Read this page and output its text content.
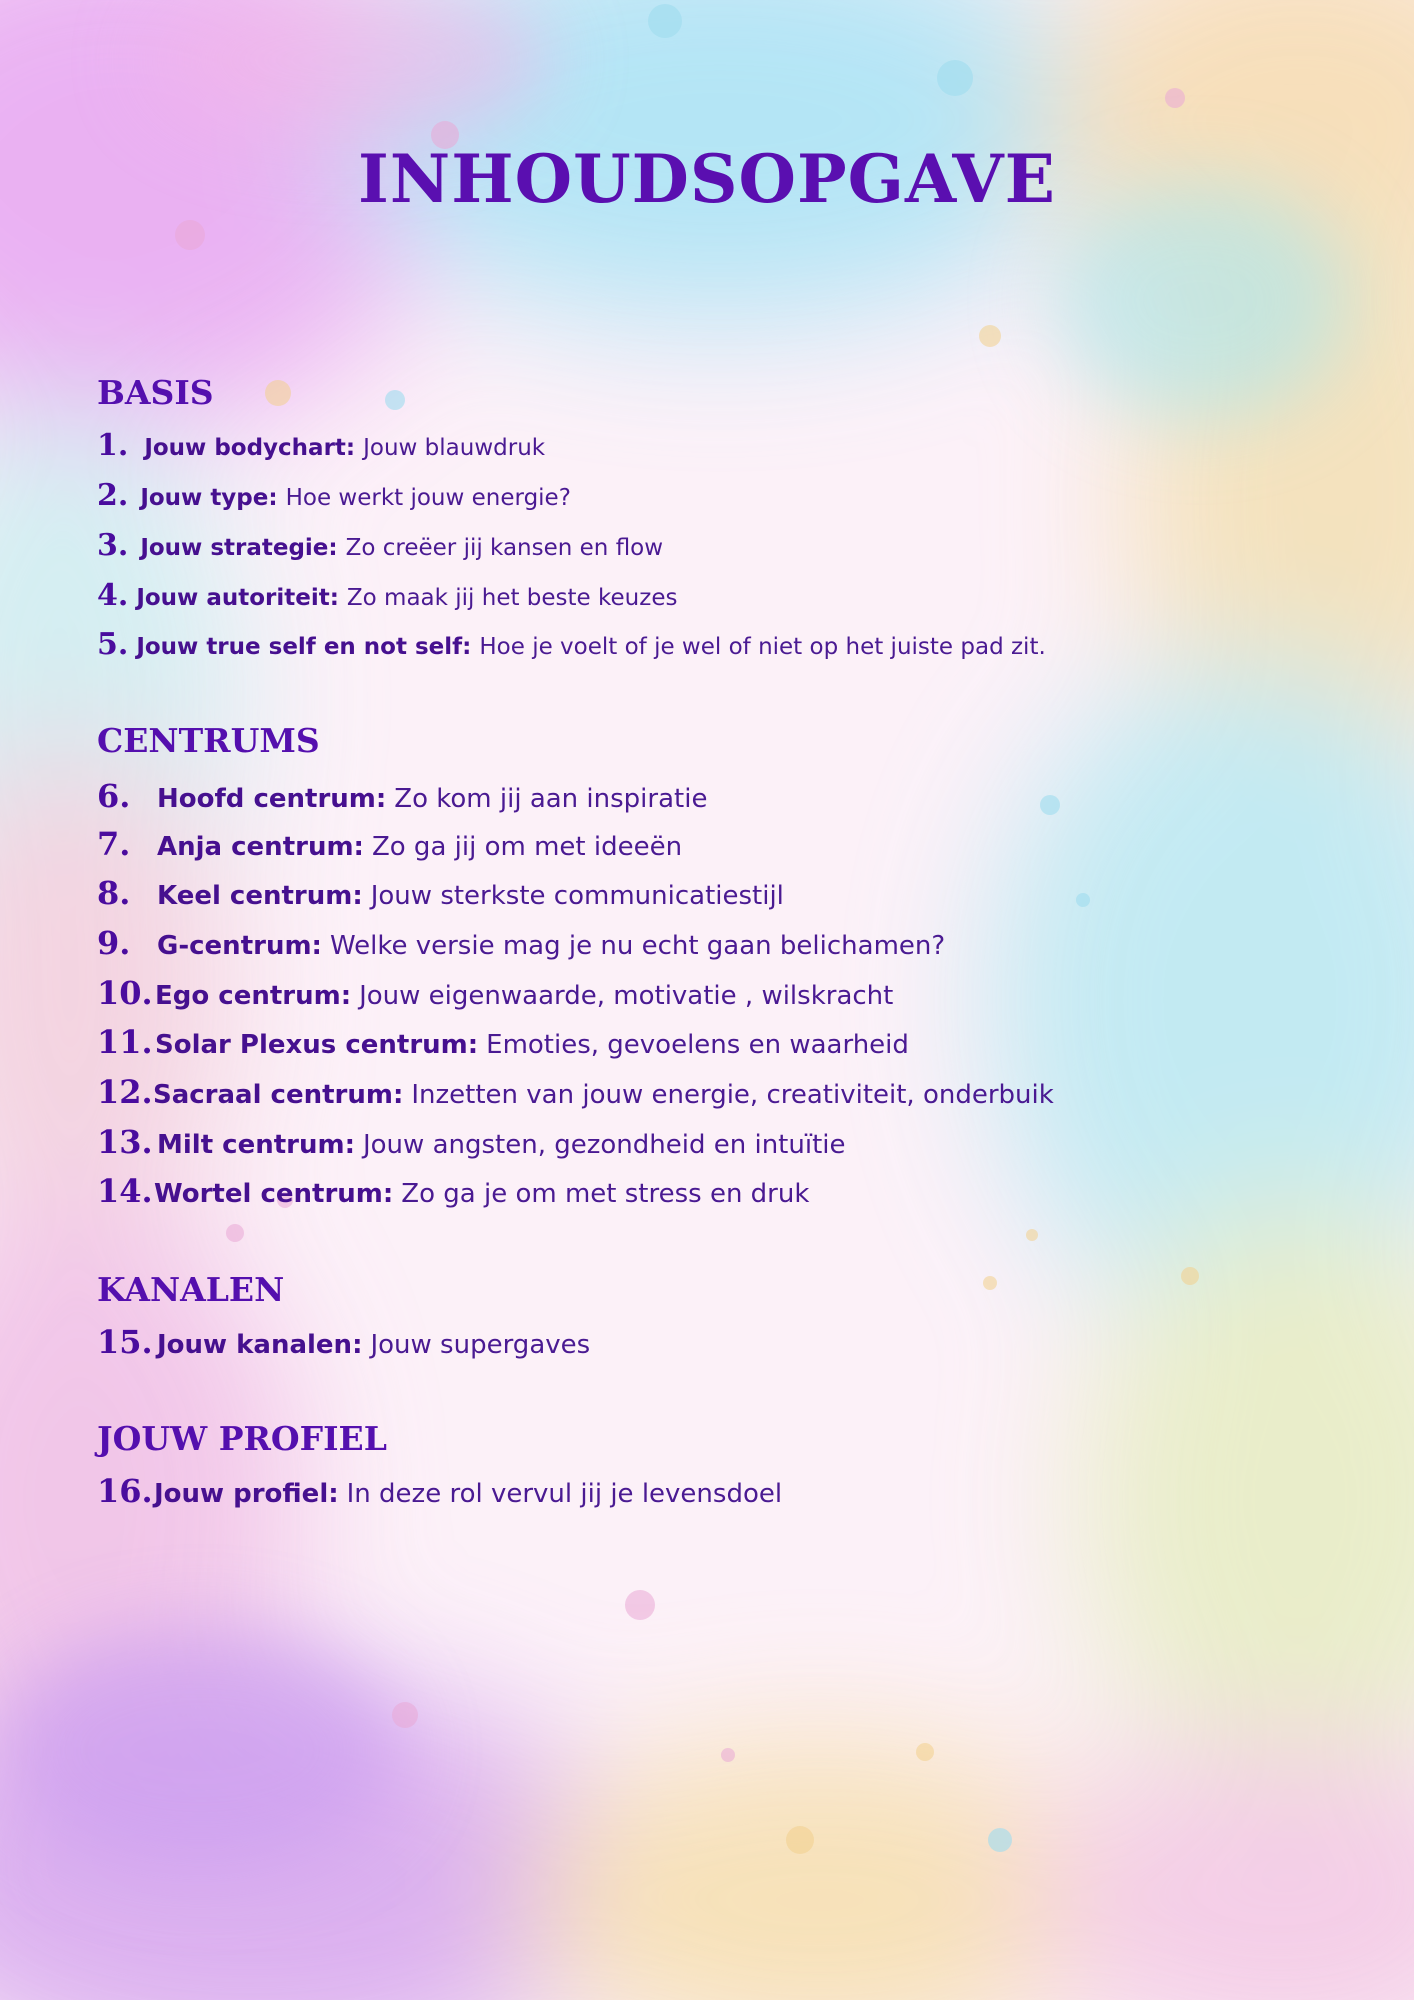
INHOUDSOPGAVE
BASIS
1. Jouw bodychart: Jouw blauwdruk
2. Jouw type: Hoe werkt jouw energie?
3. Jouw strategie: Zo creëer jij kansen en flow
4. Jouw autoriteit: Zo maak jij het beste keuzes
5. Jouw true self en not self: Hoe je voelt of je wel of niet op het juiste pad zit.
CENTRUMS
6.	Hoofd centrum: Zo kom jij aan inspiratie
7.	Anja centrum: Zo ga jij om met ideeën
8.	Keel centrum: Jouw sterkste communicatiestijl
9.	G-centrum: Welke versie mag je nu echt gaan belichamen?
10. Ego centrum: Jouw eigenwaarde, motivatie , wilskracht
11. Solar Plexus centrum: Emoties, gevoelens en waarheid
12. Sacraal centrum: Inzetten van jouw energie, creativiteit, onderbuik
13. Milt centrum: Jouw angsten, gezondheid en intuïtie
14. Wortel centrum: Zo ga je om met stress en druk
KANALEN
15. Jouw kanalen: Jouw supergaves
JOUW PROFIEL
16. Jouw profiel: In deze rol vervul jij je levensdoel
